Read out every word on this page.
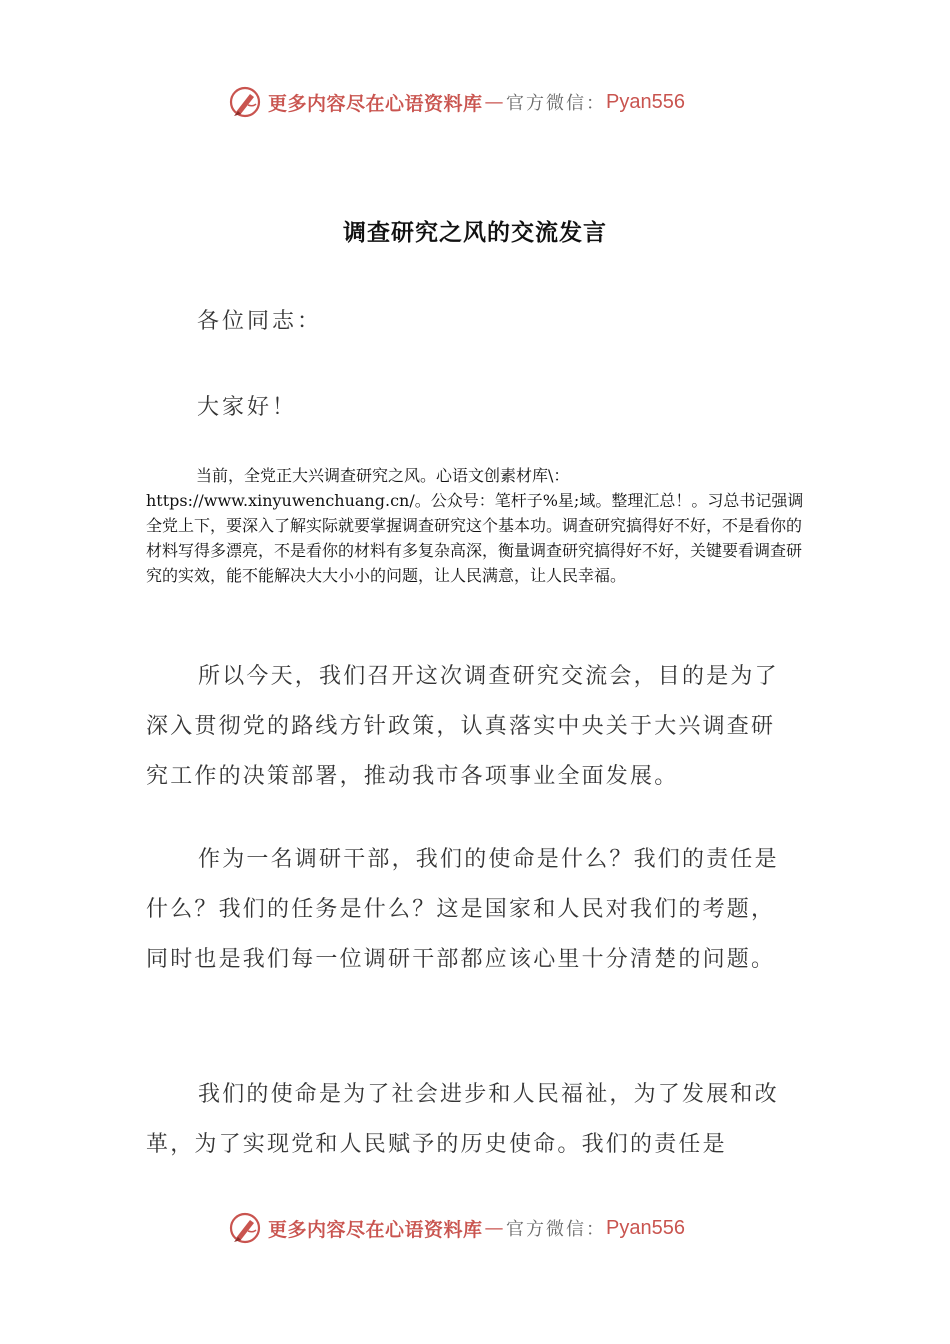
更多内容尽在心语资料库 — 官方微信： Pyan556
调查研究之风的交流发言
各位同志：
大家好！
当前，全党正大兴调查研究之风。心语文创素材库\：https://www.xinyuwenchuang.cn/。公众号：笔杆子%星;域。整理汇总！。习总书记强调全党上下，要深入了解实际就要掌握调查研究这个基本功。调查研究搞得好不好，不是看你的材料写得多漂亮，不是看你的材料有多复杂高深，衡量调查研究搞得好不好，关键要看调查研究的实效，能不能解决大大小小的问题，让人民满意，让人民幸福。
所以今天，我们召开这次调查研究交流会，目的是为了深入贯彻党的路线方针政策，认真落实中央关于大兴调查研究工作的决策部署，推动我市各项事业全面发展。
作为一名调研干部，我们的使命是什么？我们的责任是什么？我们的任务是什么？这是国家和人民对我们的考题，同时也是我们每一位调研干部都应该心里十分清楚的问题。
我们的使命是为了社会进步和人民福祉，为了发展和改革，为了实现党和人民赋予的历史使命。我们的责任是
更多内容尽在心语资料库 — 官方微信： Pyan556
